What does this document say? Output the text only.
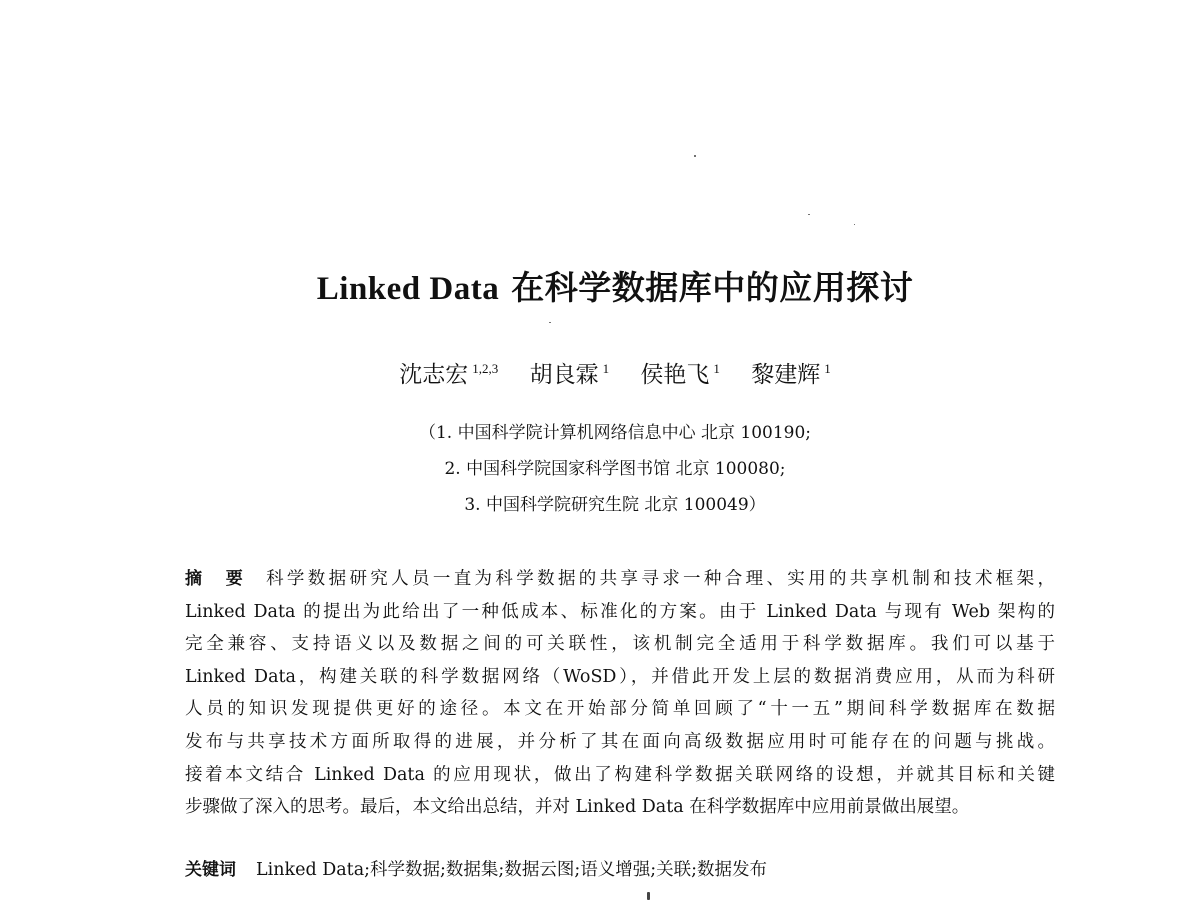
Linked Data 在科学数据库中的应用探讨
沈志宏 $^{1,2,3}$ 胡良霖 $^1$ 侯艳飞 $^1$ 黎建辉 $^1$
（1. 中国科学院计算机网络信息中心 北京 100190;
2. 中国科学院国家科学图书馆 北京 100080;
3. 中国科学院研究生院 北京 100049）
摘　要 科学数据研究人员一直为科学数据的共享寻求一种合理、实用的共享机制和技术框架，
Linked Data 的提出为此给出了一种低成本、标准化的方案。由于 Linked Data 与现有 Web 架构的
完全兼容、支持语义以及数据之间的可关联性，该机制完全适用于科学数据库。我们可以基于
Linked Data，构建关联的科学数据网络（WoSD），并借此开发上层的数据消费应用，从而为科研
人员的知识发现提供更好的途径。本文在开始部分简单回顾了“十一五”期间科学数据库在数据
发布与共享技术方面所取得的进展，并分析了其在面向高级数据应用时可能存在的问题与挑战。
接着本文结合 Linked Data 的应用现状，做出了构建科学数据关联网络的设想，并就其目标和关键
步骤做了深入的思考。最后，本文给出总结，并对 Linked Data 在科学数据库中应用前景做出展望。
关键词 Linked Data;科学数据;数据集;数据云图;语义增强;关联;数据发布
